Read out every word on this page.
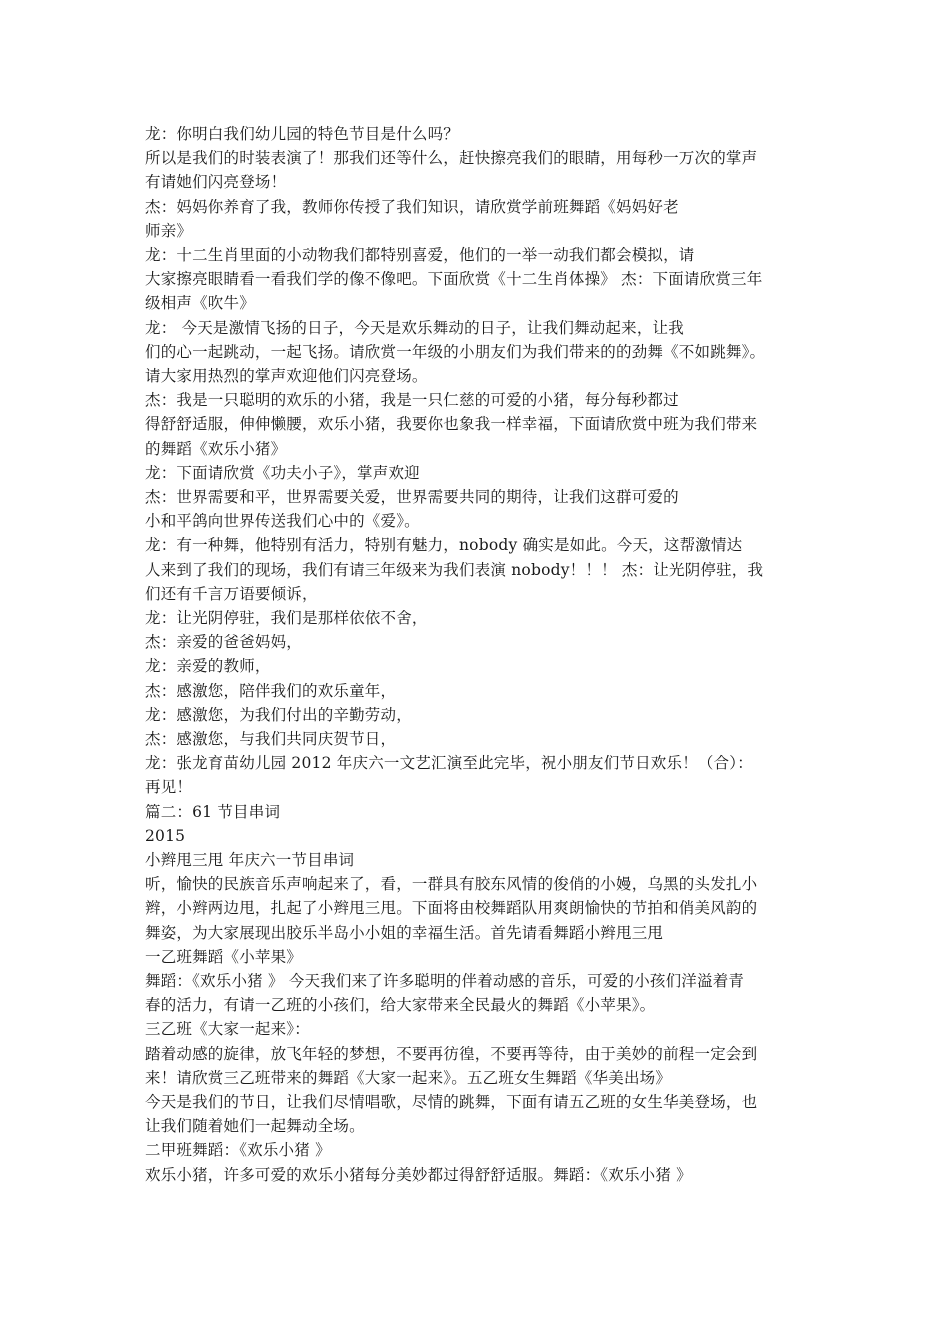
龙：你明白我们幼儿园的特色节目是什么吗？
所以是我们的时装表演了！那我们还等什么，赶快擦亮我们的眼睛，用每秒一万次的掌声
有请她们闪亮登场！
杰：妈妈你养育了我，教师你传授了我们知识，请欣赏学前班舞蹈《妈妈好老
师亲》
龙：十二生肖里面的小动物我们都特别喜爱，他们的一举一动我们都会模拟，请
大家擦亮眼睛看一看我们学的像不像吧。下面欣赏《十二生肖体操》 杰：下面请欣赏三年
级相声《吹牛》
龙： 今天是激情飞扬的日子，今天是欢乐舞动的日子，让我们舞动起来，让我
们的心一起跳动，一起飞扬。请欣赏一年级的小朋友们为我们带来的的劲舞《不如跳舞》。
请大家用热烈的掌声欢迎他们闪亮登场。
杰：我是一只聪明的欢乐的小猪，我是一只仁慈的可爱的小猪，每分每秒都过
得舒舒适服，伸伸懒腰，欢乐小猪，我要你也象我一样幸福，下面请欣赏中班为我们带来
的舞蹈《欢乐小猪》
龙：下面请欣赏《功夫小子》，掌声欢迎
杰：世界需要和平，世界需要关爱，世界需要共同的期待，让我们这群可爱的
小和平鸽向世界传送我们心中的《爱》。
龙：有一种舞，他特别有活力，特别有魅力，nobody 确实是如此。今天，这帮激情达
人来到了我们的现场，我们有请三年级来为我们表演 nobody！！！ 杰：让光阴停驻，我
们还有千言万语要倾诉，
龙：让光阴停驻，我们是那样依依不舍，
杰：亲爱的爸爸妈妈，
龙：亲爱的教师，
杰：感激您，陪伴我们的欢乐童年，
龙：感激您，为我们付出的辛勤劳动，
杰：感激您，与我们共同庆贺节日，
龙：张龙育苗幼儿园 2012 年庆六一文艺汇演至此完毕，祝小朋友们节日欢乐！（合）：
再见！
篇二：61 节目串词
2015
小辫甩三甩 年庆六一节目串词
听，愉快的民族音乐声响起来了，看，一群具有胶东风情的俊俏的小嫚，乌黑的头发扎小
辫，小辫两边甩，扎起了小辫甩三甩。下面将由校舞蹈队用爽朗愉快的节拍和俏美风韵的
舞姿，为大家展现出胶乐半岛小小姐的幸福生活。首先请看舞蹈小辫甩三甩
一乙班舞蹈《小苹果》
舞蹈：《欢乐小猪 》 今天我们来了许多聪明的伴着动感的音乐，可爱的小孩们洋溢着青
春的活力，有请一乙班的小孩们，给大家带来全民最火的舞蹈《小苹果》。
三乙班《大家一起来》：
踏着动感的旋律，放飞年轻的梦想，不要再彷徨，不要再等待，由于美妙的前程一定会到
来！请欣赏三乙班带来的舞蹈《大家一起来》。五乙班女生舞蹈《华美出场》
今天是我们的节日，让我们尽情唱歌，尽情的跳舞，下面有请五乙班的女生华美登场，也
让我们随着她们一起舞动全场。
二甲班舞蹈：《欢乐小猪 》
欢乐小猪，许多可爱的欢乐小猪每分美妙都过得舒舒适服。舞蹈：《欢乐小猪 》
